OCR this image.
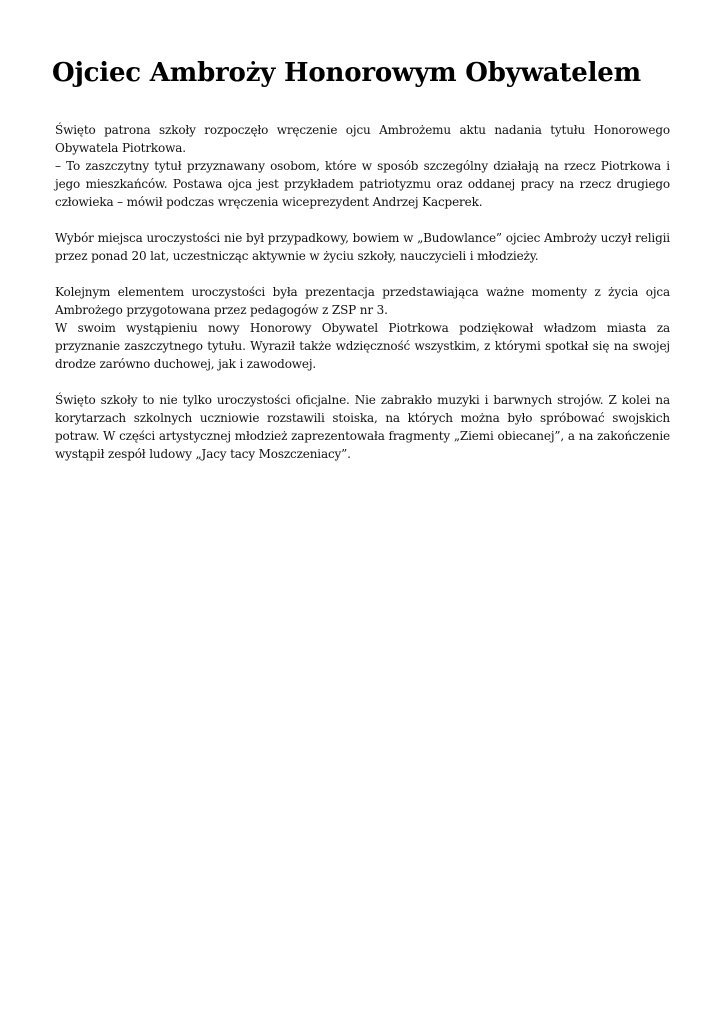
Ojciec Ambroży Honorowym Obywatelem

Święto patrona szkoły rozpoczęło wręczenie ojcu Ambrożemu aktu nadania tytułu Honorowego Obywatela Piotrkowa.
– To zaszczytny tytuł przyznawany osobom, które w sposób szczególny działają na rzecz Piotrkowa i jego mieszkańców. Postawa ojca jest przykładem patriotyzmu oraz oddanej pracy na rzecz drugiego człowieka – mówił podczas wręczenia wiceprezydent Andrzej Kacperek.

Wybór miejsca uroczystości nie był przypadkowy, bowiem w „Budowlance” ojciec Ambroży uczył religii przez ponad 20 lat, uczestnicząc aktywnie w życiu szkoły, nauczycieli i młodzieży.

Kolejnym elementem uroczystości była prezentacja przedstawiająca ważne momenty z życia ojca Ambrożego przygotowana przez pedagogów z ZSP nr 3.
W swoim wystąpieniu nowy Honorowy Obywatel Piotrkowa podziękował władzom miasta za przyznanie zaszczytnego tytułu. Wyraził także wdzięczność wszystkim, z którymi spotkał się na swojej drodze zarówno duchowej, jak i zawodowej.

Święto szkoły to nie tylko uroczystości oficjalne. Nie zabrakło muzyki i barwnych strojów. Z kolei na korytarzach szkolnych uczniowie rozstawili stoiska, na których można było spróbować swojskich potraw. W części artystycznej młodzież zaprezentowała fragmenty „Ziemi obiecanej”, a na zakończenie wystąpił zespół ludowy „Jacy tacy Moszczeniacy”.
